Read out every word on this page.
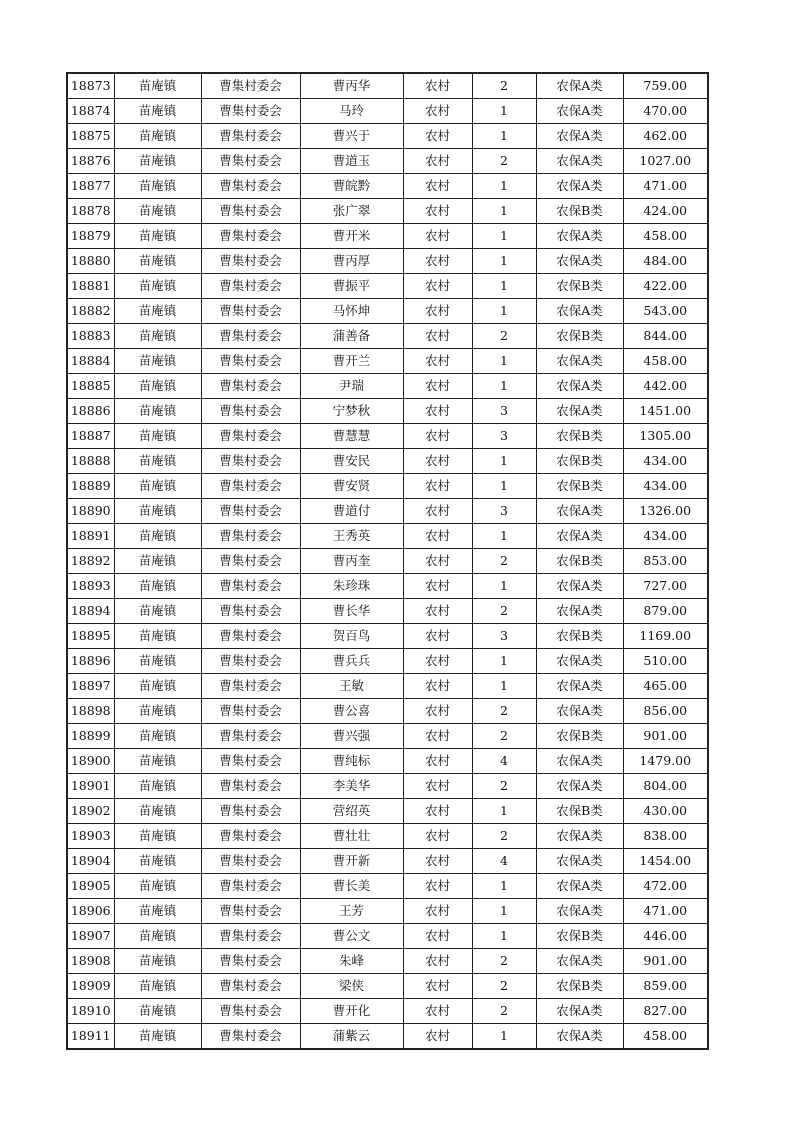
18873	苗庵镇	曹集村委会	曹丙华	农村	2	农保A类	759.00
18874	苗庵镇	曹集村委会	马玲	农村	1	农保A类	470.00
18875	苗庵镇	曹集村委会	曹兴于	农村	1	农保A类	462.00
18876	苗庵镇	曹集村委会	曹道玉	农村	2	农保A类	1027.00
18877	苗庵镇	曹集村委会	曹皖黔	农村	1	农保A类	471.00
18878	苗庵镇	曹集村委会	张广翠	农村	1	农保B类	424.00
18879	苗庵镇	曹集村委会	曹开米	农村	1	农保A类	458.00
18880	苗庵镇	曹集村委会	曹丙厚	农村	1	农保A类	484.00
18881	苗庵镇	曹集村委会	曹振平	农村	1	农保B类	422.00
18882	苗庵镇	曹集村委会	马怀坤	农村	1	农保A类	543.00
18883	苗庵镇	曹集村委会	蒲善备	农村	2	农保B类	844.00
18884	苗庵镇	曹集村委会	曹开兰	农村	1	农保A类	458.00
18885	苗庵镇	曹集村委会	尹瑞	农村	1	农保A类	442.00
18886	苗庵镇	曹集村委会	宁梦秋	农村	3	农保A类	1451.00
18887	苗庵镇	曹集村委会	曹慧慧	农村	3	农保B类	1305.00
18888	苗庵镇	曹集村委会	曹安民	农村	1	农保B类	434.00
18889	苗庵镇	曹集村委会	曹安贤	农村	1	农保B类	434.00
18890	苗庵镇	曹集村委会	曹道付	农村	3	农保A类	1326.00
18891	苗庵镇	曹集村委会	王秀英	农村	1	农保A类	434.00
18892	苗庵镇	曹集村委会	曹丙奎	农村	2	农保B类	853.00
18893	苗庵镇	曹集村委会	朱珍珠	农村	1	农保A类	727.00
18894	苗庵镇	曹集村委会	曹长华	农村	2	农保A类	879.00
18895	苗庵镇	曹集村委会	贺百鸟	农村	3	农保B类	1169.00
18896	苗庵镇	曹集村委会	曹兵兵	农村	1	农保A类	510.00
18897	苗庵镇	曹集村委会	王敏	农村	1	农保A类	465.00
18898	苗庵镇	曹集村委会	曹公喜	农村	2	农保A类	856.00
18899	苗庵镇	曹集村委会	曹兴强	农村	2	农保B类	901.00
18900	苗庵镇	曹集村委会	曹纯标	农村	4	农保A类	1479.00
18901	苗庵镇	曹集村委会	李美华	农村	2	农保A类	804.00
18902	苗庵镇	曹集村委会	营绍英	农村	1	农保B类	430.00
18903	苗庵镇	曹集村委会	曹壮壮	农村	2	农保A类	838.00
18904	苗庵镇	曹集村委会	曹开新	农村	4	农保A类	1454.00
18905	苗庵镇	曹集村委会	曹长美	农村	1	农保A类	472.00
18906	苗庵镇	曹集村委会	王芳	农村	1	农保A类	471.00
18907	苗庵镇	曹集村委会	曹公文	农村	1	农保B类	446.00
18908	苗庵镇	曹集村委会	朱峰	农村	2	农保A类	901.00
18909	苗庵镇	曹集村委会	梁侠	农村	2	农保B类	859.00
18910	苗庵镇	曹集村委会	曹开化	农村	2	农保A类	827.00
18911	苗庵镇	曹集村委会	蒲紫云	农村	1	农保A类	458.00
